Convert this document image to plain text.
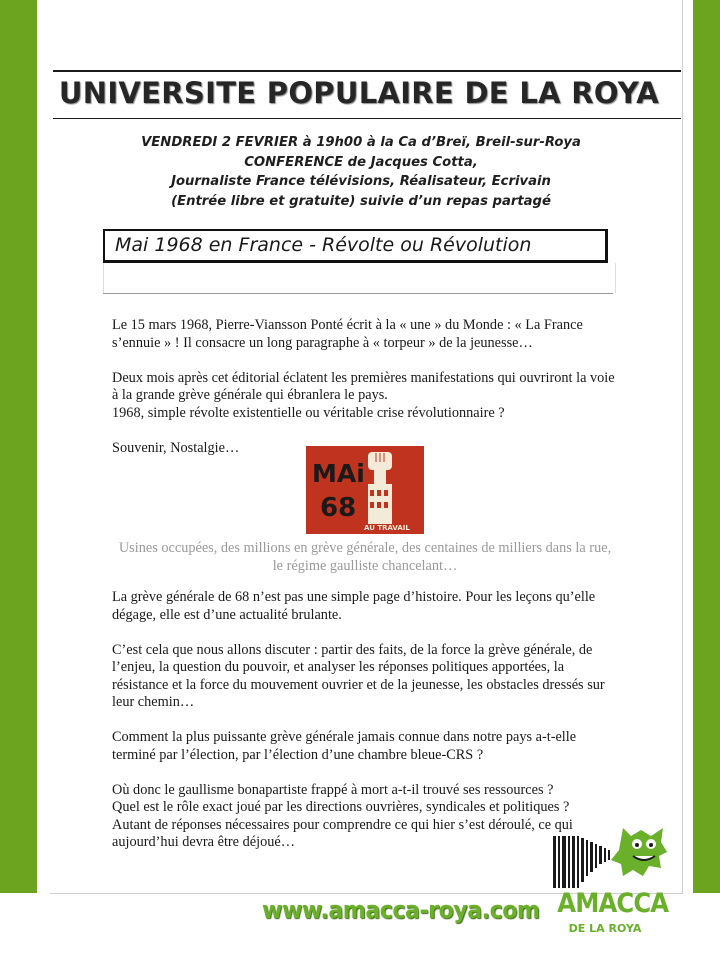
UNIVERSITE POPULAIRE DE LA ROYA
VENDREDI 2 FEVRIER à 19h00 à la Ca d’Breï, Breil-sur-Roya
CONFERENCE de Jacques Cotta,
Journaliste France télévisions, Réalisateur, Ecrivain
(Entrée libre et gratuite) suivie d’un repas partagé
Mai 1968 en France - Révolte ou Révolution

Le 15 mars 1968, Pierre-Viansson Ponté écrit à la « une » du Monde : « La France s’ennuie » ! Il consacre un long paragraphe à « torpeur » de la jeunesse…

Deux mois après cet éditorial éclatent les premières manifestations qui ouvriront la voie à la grande grève générale qui ébranlera le pays.

1968, simple révolte existentielle ou véritable crise révolutionnaire ?

Souvenir, Nostalgie…

MAi
68
AU TRAVAIL
Usines occupées, des millions en grève générale, des centaines de milliers dans la rue, le régime gaulliste chancelant…

La grève générale de 68 n’est pas une simple page d’histoire. Pour les leçons qu’elle dégage, elle est d’une actualité brulante.

C’est cela que nous allons discuter : partir des faits, de la force la grève générale, de l’enjeu, la question du pouvoir, et analyser les réponses politiques apportées, la résistance et la force du mouvement ouvrier et de la jeunesse, les obstacles dressés sur leur chemin…

Comment la plus puissante grève générale jamais connue dans notre pays a-t-elle terminé par l’élection, par l’élection d’une chambre bleue-CRS ?

Où donc le gaullisme bonapartiste frappé à mort a-t-il trouvé ses ressources ?

Quel est le rôle exact joué par les directions ouvrières, syndicales et politiques ?

Autant de réponses nécessaires pour comprendre ce qui hier s’est déroulé, ce qui aujourd’hui devra être déjoué…

www.amacca-roya.com AMACCA
DE LA ROYA
